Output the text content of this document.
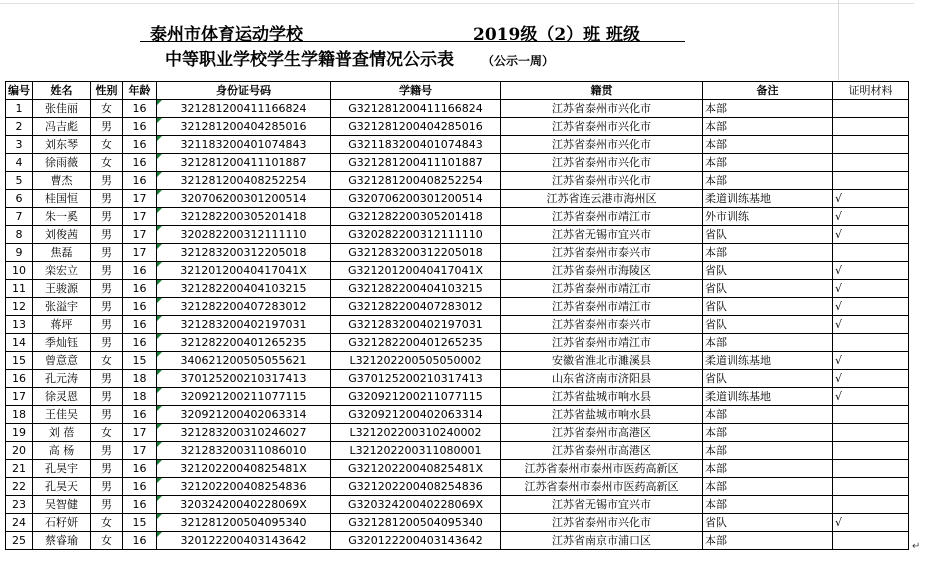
泰州市体育运动学校	2019级（2）班 班级
中等职业学校学生学籍普查情况公示表 （公示一周）
编号	姓名	性别	年龄	身份证号码	学籍号	籍贯	备注	证明材料
1	张佳丽	女	16	321281200411166824	G321281200411166824	江苏省泰州市兴化市	本部	
2	冯吉彪	男	16	321281200404285016	G321281200404285016	江苏省泰州市兴化市	本部	
3	刘东琴	女	16	321183200401074843	G321183200401074843	江苏省泰州市兴化市	本部	
4	徐雨薇	女	16	321281200411101887	G321281200411101887	江苏省泰州市兴化市	本部	
5	曹杰	男	16	321281200408252254	G321281200408252254	江苏省泰州市兴化市	本部	
6	桂国恒	男	17	320706200301200514	G320706200301200514	江苏省连云港市海州区	柔道训练基地	√
7	朱一奚	男	17	321282200305201418	G321282200305201418	江苏省泰州市靖江市	外市训练	√
8	刘俊茜	男	17	320282200312111110	G320282200312111110	江苏省无锡市宜兴市	省队	√
9	焦磊	男	17	321283200312205018	G321283200312205018	江苏省泰州市泰兴市	本部	
10	栾宏立	男	16	32120120040417041X	G32120120040417041X	江苏省泰州市海陵区	省队	√
11	王骏源	男	16	321282200404103215	G321282200404103215	江苏省泰州市靖江市	省队	√
12	张溢宇	男	16	321282200407283012	G321282200407283012	江苏省泰州市靖江市	省队	√
13	蒋坪	男	16	321283200402197031	G321283200402197031	江苏省泰州市泰兴市	省队	√
14	季灿钰	男	16	321282200401265235	G321282200401265235	江苏省泰州市靖江市	本部	
15	曾意意	女	15	340621200505055621	L321202200505050002	安徽省淮北市濉溪县	柔道训练基地	√
16	孔元涛	男	18	370125200210317413	G370125200210317413	山东省济南市济阳县	省队	√
17	徐灵恩	男	18	320921200211077115	G320921200211077115	江苏省盐城市响水县	柔道训练基地	√
18	王佳吴	男	16	320921200402063314	G320921200402063314	江苏省盐城市响水县	本部	
19	刘 蓓	女	17	321283200310246027	L321202200310240002	江苏省泰州市高港区	本部	
20	高 杨	男	17	321283200311086010	L321202200311080001	江苏省泰州市高港区	本部	
21	孔昊宇	男	16	32120220040825481X	G32120220040825481X	江苏省泰州市泰州市医药高新区	本部	
22	孔昊天	男	16	321202200408254836	G321202200408254836	江苏省泰州市泰州市医药高新区	本部	
23	吴智健	男	16	32032420040228069X	G32032420040228069X	江苏省无锡市宜兴市	本部	
24	石籽妍	女	15	321281200504095340	G321281200504095340	江苏省泰州市兴化市	省队	√
25	蔡睿瑜	女	16	320122200403143642	G320122200403143642	江苏省南京市浦口区	本部		↵
